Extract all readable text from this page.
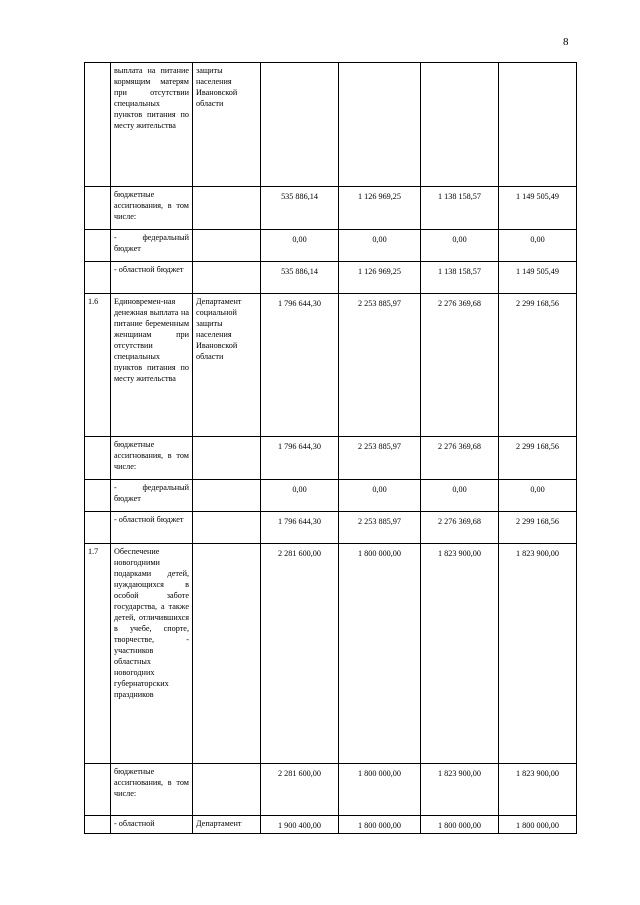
8
	выплата на питание кормящим матерям при отсутствии специальных пунктов питания по месту жительства	защиты населения Ивановской области				
	бюджетные ассигнования, в том числе:		535 886,14	1 126 969,25	1 138 158,57	1 149 505,49
	- федеральный бюджет		0,00	0,00	0,00	0,00
	- областной бюджет		535 886,14	1 126 969,25	1 138 158,57	1 149 505,49
1.6	Единовремен-ная денежная выплата на питание беременным женщинам при отсутствии специальных пунктов питания по месту жительства	Департамент социальной защиты населения Ивановской области	1 796 644,30	2 253 885,97	2 276 369,68	2 299 168,56
	бюджетные ассигнования, в том числе:		1 796 644,30	2 253 885,97	2 276 369,68	2 299 168,56
	- федеральный бюджет		0,00	0,00	0,00	0,00
	- областной бюджет		1 796 644,30	2 253 885,97	2 276 369,68	2 299 168,56
1.7	Обеспечение новогодними подарками детей, нуждающихся в особой заботе государства, а также детей, отличившихся в учебе, спорте, творчестве, - участников областных новогодних губернаторских праздников		2 281 600,00	1 800 000,00	1 823 900,00	1 823 900,00
	бюджетные ассигнования, в том числе:		2 281 600,00	1 800 000,00	1 823 900,00	1 823 900,00
	- областной	Департамент	1 900 400,00	1 800 000,00	1 800 000,00	1 800 000,00
